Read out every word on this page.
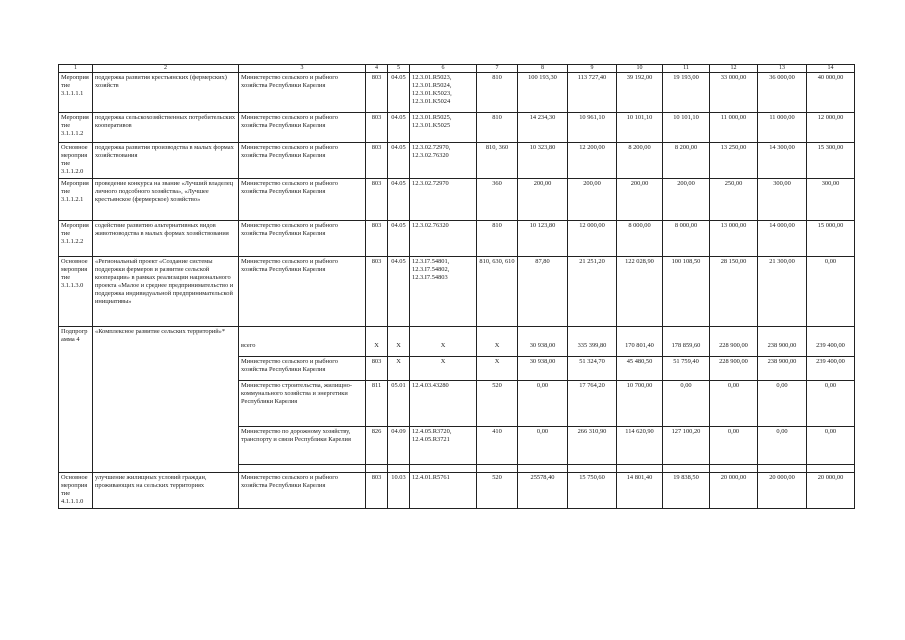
1	2	3	4	5	6	7	8	9	10	11	12	13	14
Мероприятие 3.1.1.1.1	поддержка развития крестьянских (фермерских) хозяйств	Министерство сельского и рыбного хозяйства Республики Карелия	803	04.05	12.3.01.R5023, 12.3.01.R5024, 12.3.01.K5023, 12.3.01.K5024	810	100 193,30	113 727,40	39 192,00	19 193,00	33 000,00	36 000,00	40 000,00
Мероприятие 3.1.1.1.2	поддержка сельскохозяйственных потребительских кооперативов	Министерство сельского и рыбного хозяйства Республики Карелия	803	04.05	12.3.01.R5025, 12.3.01.K5025	810	14 234,30	10 961,10	10 101,10	10 101,10	11 000,00	11 000,00	12 000,00
Основное мероприятие 3.1.1.2.0	поддержка развития производства в малых формах хозяйствования	Министерство сельского и рыбного хозяйства Республики Карелия	803	04.05	12.3.02.72970, 12.3.02.76320	810, 360	10 323,80	12 200,00	8 200,00	8 200,00	13 250,00	14 300,00	15 300,00
Мероприятие 3.1.1.2.1	проведение конкурса на звание «Лучший владелец личного подсобного хозяйства», «Лучшее крестьянское (фермерское) хозяйство»	Министерство сельского и рыбного хозяйства Республики Карелия	803	04.05	12.3.02.72970	360	200,00	200,00	200,00	200,00	250,00	300,00	300,00
Мероприятие 3.1.1.2.2	содействие развитию альтернативных видов животноводства в малых формах хозяйствования	Министерство сельского и рыбного хозяйства Республики Карелия	803	04.05	12.3.02.76320	810	10 123,80	12 000,00	8 000,00	8 000,00	13 000,00	14 000,00	15 000,00
Основное мероприятие 3.1.1.3.0	«Региональный проект «Создание системы поддержки фермеров и развитие сельской кооперации» в рамках реализации национального проекта «Малое и среднее предпринимательство и поддержка индивидуальной предпринимательской инициативы»	Министерство сельского и рыбного хозяйства Республики Карелия	803	04.05	12.3.I7.54801, 12.3.I7.54802, 12.3.I7.54803	810, 630, 610	87,80	21 251,20	122 028,90	100 108,50	28 150,00	21 300,00	0,00
Подпрограмма 4	«Комплексное развитие сельских территорий»*												
		всего	X	X	X	X	30 938,00	335 399,80	170 801,40	178 859,60	228 900,00	238 900,00	239 400,00
		Министерство сельского и рыбного хозяйства Республики Карелия	803	X	X	X	30 938,00	51 324,70	45 480,50	51 759,40	228 900,00	238 900,00	239 400,00
		Министерство строительства, жилищно-коммунального хозяйства и энергетики Республики Карелия	811	05.01	12.4.03.43280	520	0,00	17 764,20	10 700,00	0,00	0,00	0,00	0,00
		Министерство по дорожному хозяйству, транспорту и связи Республики Карелия	826	04.09	12.4.05.R3720, 12.4.05.R3721	410	0,00	266 310,90	114 620,90	127 100,20	0,00	0,00	0,00

Основное мероприятие 4.1.1.1.0	улучшение жилищных условий граждан, проживающих на сельских территориях	Министерство сельского и рыбного хозяйства Республики Карелия	803	10.03	12.4.01.R5761	520	25578,40	15 750,60	14 801,40	19 838,50	20 000,00	20 000,00	20 000,00
